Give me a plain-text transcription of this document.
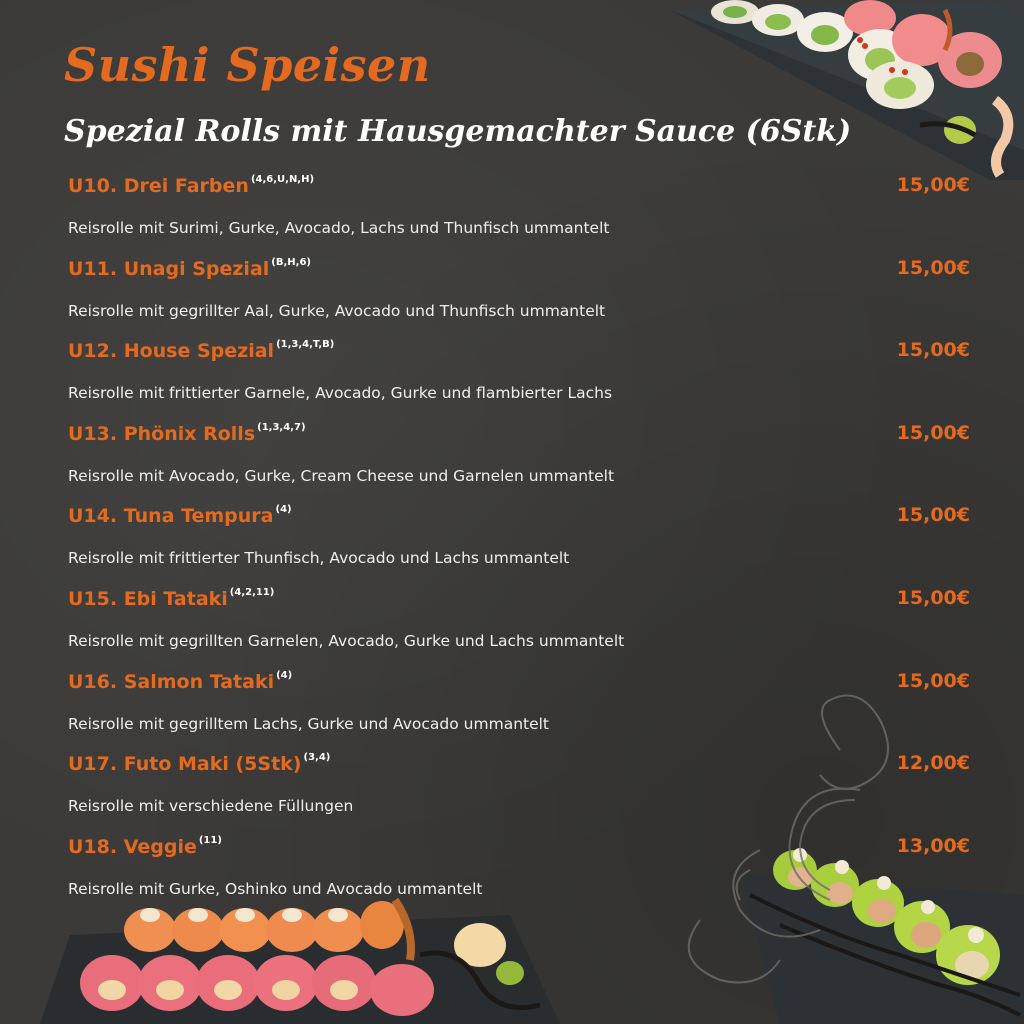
Sushi Speisen
Spezial Rolls mit Hausgemachter Sauce (6Stk)
U10. Drei Farben $^{(4,6,U,N,H)}$	15,00€
Reisrolle mit Surimi, Gurke, Avocado, Lachs und Thunfisch ummantelt
U11. Unagi Spezial $^{(B,H,6)}$	15,00€
Reisrolle mit gegrillter Aal, Gurke, Avocado und Thunfisch ummantelt
U12. House Spezial $^{(1,3,4,T,B)}$	15,00€
Reisrolle mit frittierter Garnele, Avocado, Gurke und flambierter Lachs
U13. Phönix Rolls $^{(1,3,4,7)}$	15,00€
Reisrolle mit Avocado, Gurke, Cream Cheese und Garnelen ummantelt
U14. Tuna Tempura $^{(4)}$	15,00€
Reisrolle mit frittierter Thunfisch, Avocado und Lachs ummantelt
U15. Ebi Tataki $^{(4,2,11)}$	15,00€
Reisrolle mit gegrillten Garnelen, Avocado, Gurke und Lachs ummantelt
U16. Salmon Tataki $^{(4)}$	15,00€
Reisrolle mit gegrilltem Lachs, Gurke und Avocado ummantelt
U17. Futo Maki (5Stk) $^{(3,4)}$	12,00€
Reisrolle mit verschiedene Füllungen
U18. Veggie $^{(11)}$	13,00€
Reisrolle mit Gurke, Oshinko und Avocado ummantelt
